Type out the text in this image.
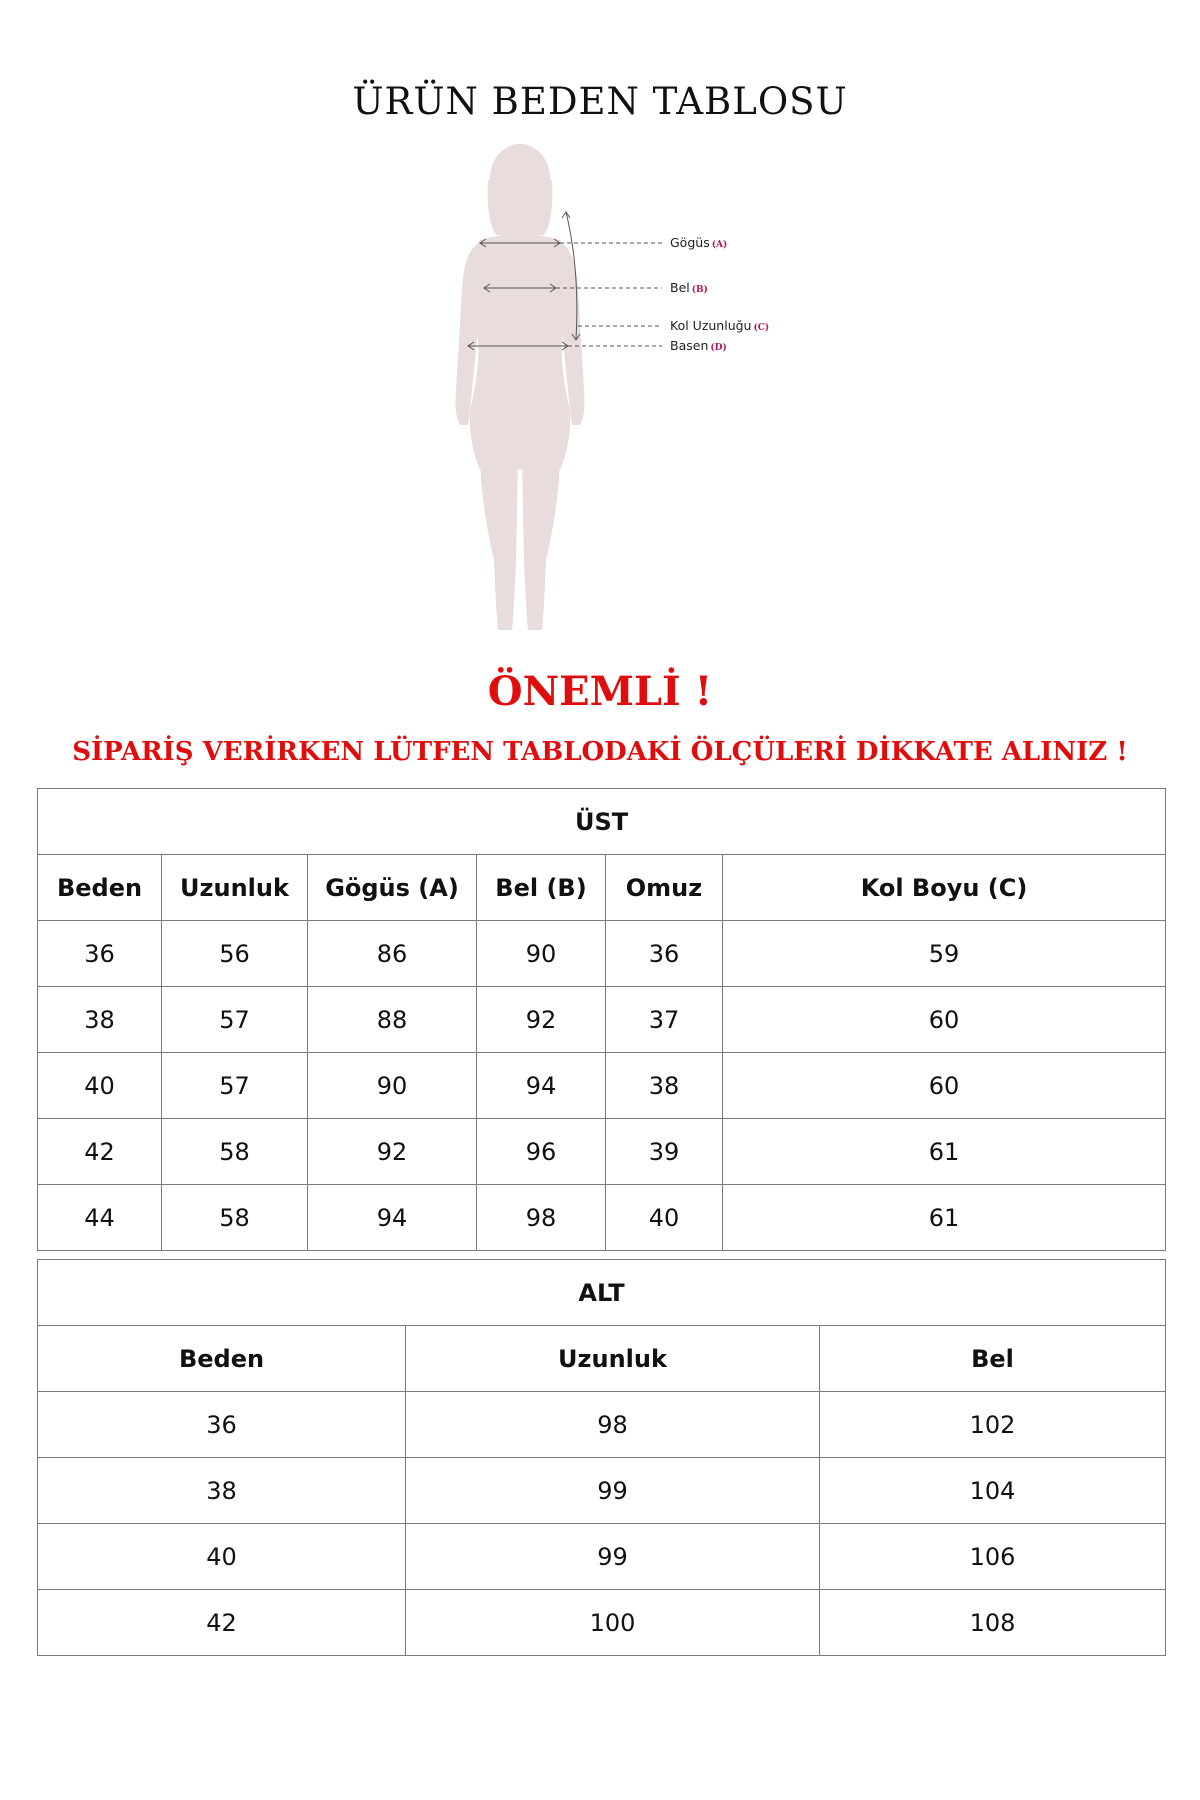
ÜRÜN BEDEN TABLOSU
Gögüs (A)
Bel (B)
Kol Uzunluğu (C)
Basen (D)
ÖNEMLİ !
SİPARİŞ VERİRKEN LÜTFEN TABLODAKİ ÖLÇÜLERİ DİKKATE ALINIZ !
ÜST					
Beden	Uzunluk	Gögüs (A)	Bel (B)	Omuz	Kol Boyu (C)
36	56	86	90	36	59
38	57	88	92	37	60
40	57	90	94	38	60
42	58	92	96	39	61
44	58	94	98	40	61
ALT		
Beden	Uzunluk	Bel
36	98	102
38	99	104
40	99	106
42	100	108
